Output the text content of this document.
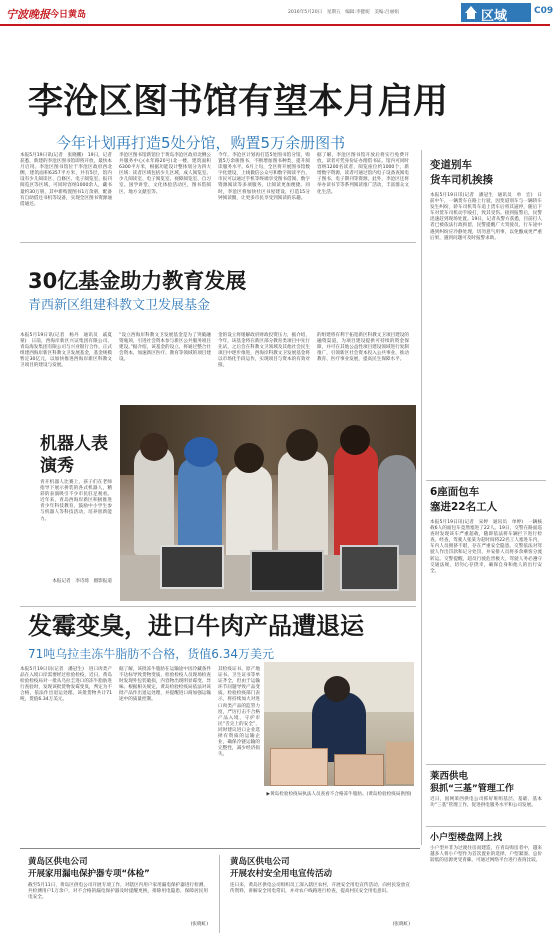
宁波晚报 今日黄岛	2016年5月20日　星期五　编辑:李健妮　美编:吕丽娟	区域	C09
李沧区图书馆有望本月启用
今年计划再打造5处分馆，购置5万余册图书
本报5月19日讯(记者　张晓鹏)　19日，记者获悉，新建的李沧区图书馆即将开放，最快本月启用。李沧区图书馆位于李沧区政府西北侧，建筑面积6357平方米，共有5层，馆内设有少儿阅读区、自修区、电子阅览室、报刊阅览区等区域，可同时容纳1000余人，藏书量约30万册，其中新购置图书1万余册，配备有自助借还书机等设备，实现全区图书资源通借通还。
李沧区图书馆新馆位于黄岛李沧区政府北侧公共服务中心(永年路20号)北一楼，建筑面积6300平方米，根据功能设计整体划分为四大区域：读者区域包括少儿区域、成人阅览室、少儿阅读室、电子阅览室、视障阅览室、自习室、国学讲堂、文化体验活动区，图书借阅区、地方文献室等。
今年，李沧区计划再打造5处图书馆分馆，购置5万余册图书，不断增加图书种类，提升阅读服务水平。6月上旬，全区将开展图书馆数字化建设，上线微信公众号和数字阅读平台，市民可以通过手机等终端享受图书借阅、数字资源阅读等多项服务，让阅读更加便捷。同时，李沧区将加快社区书屋建设，打造15分钟阅读圈，让更多市民享受到阅读的乐趣。
据了解，李沧区图书馆开放后将实行免费开放，读者可凭身份证办理借书证。馆内可同时容纳1200名读者，阅览座位约1000个，新增数字资源，读者可通过馆内电子设备查阅电子图书、电子期刊等资源，此外，李沧区还将举办读书节等系列阅读推广活动，丰富群众文化生活。
30亿基金助力教育发展
青西新区组建科教文卫发展基金
本报5月19日讯(记者　杨丹　通讯员　戚夏蒙)　日前，西海岸新区兴证集团有限公司、青岛海发集团有限公司与兴业银行合作，正式组建西海岸新区科教文卫发展基金，基金规模暂定30亿元，以加快推进西海岸新区科教文卫项目的建设与发展。
“设立西海岸科教文卫发展基金是为了突破融资瓶颈，引进社会资本参与新区公共服务项目建设。”据介绍，该基金的设立，将通过整合社会资本，加速新区医疗、教育等领域的项目建设。
金的设立将缓解政府财政投资压力，据介绍，今年，该基金将在新区部分教育类项目中先行先试，之后会在科教文卫领域及其他社会民生项目中逐步推进，西海岸科教文卫发展基金将以市场化手段运作，实现项目与资本的有效对接。
的组建将有利于拓宽新区科教文卫项目建设的融资渠道，为项目建设提供可持续的资金保障，并可在其他公益性项目建设领域进行复制推广，引领新区社会资本投入公共事业，推动教育、医疗事业发展，提高民生保障水平。
机器人表演秀
青开机器人比赛上，孩子们在老师指导下展示拼装的各式机器人，精彩的表演吸引不少市民驻足观看。近年来，青岛西海岸新区积极推进青少年科技教育，鼓励中小学生参与机器人等科技活动，培养创新能力。
本报记者　李诗琦　摄影报道
发霉变臭，进口牛肉产品遭退运
71吨乌拉圭冻牛脂肪不合格，货值6.34万美元
本报5月19日讯(记者　潘冠生)　进口肉类产品在入境口岸需要经过检验检疫，近日，黄岛检验检疫局对一批从乌拉圭进口的冻牛脂肪进行查验时，发现该批货物发霉变臭，判定为不合格，依法作出退运处理。该批货物共计71吨，货值6.34万美元。
据了解，该批冻牛脂肪在运输途中因冷藏条件不达标导致货物变质，检验检疫人员现场检查时发现外包装破损，内容物出现明显霉变、异味。根据相关规定，黄岛检验检疫局依法对该批产品作出退运处理，并提醒进口商加强运输途中的质量控制。
其检疫证书、原产地证书、卫生证书等单证齐全，但由于运输环节问题导致产品变质。检验检疫部门表示，将持续加大对进口肉类产品的监管力度，严厉打击不合格产品入境，守护市民“舌尖上的安全”，同时建议进口企业选择有资质的运输企业，确保冷链运输的完整性，减少经济损失。
▶黄岛检验检疫局执法人员查看不合格冻牛脂肪。(黄岛检验检疫局供图)
变道别车
货车司机挨揍
本报5月19日讯(记者　潘冠生　通讯员　单　宏)　日前中午，一辆货车在路上行驶，因变道别车与一辆轿车发生纠纷，轿车司机驾车追上货车后将其逼停，随后下车对货车司机动手殴打，致其受伤。接到报警后，民警迅速赶到现场处置。19日，记者从警方获悉，目前打人者已被依法行政拘留，民警提醒广大驾驶员，行车途中遇到纠纷应冷静处理，切勿意气用事，以免酿成更严重后果，遇到问题可及时报警求助。
6座面包车
塞进22名工人
本报5月19日讯(记者　宋婷　通讯员　单婷)　一辆核载6人的面包车竟然塞进了22人。19日，交警在路面巡查时发现该车严重超载，随即依法将车辆拦下进行检查。经查，驾驶人张某为赶时间将22名工人塞进车内，车内人员拥挤不堪，存在严重安全隐患。交警依法对驾驶人作出罚款和记分处罚，并安排人员将多余乘客分流转运。交警提醒，超员行驶危害极大，驾驶人务必遵守交通法规，切勿心存侥幸，确保自身和他人的出行安全。
莱西供电
狠抓“三基”管理工作
近日，国网莱西供电公司抓好班组基层、基础、基本功“三基”管理工作，促进供电服务水平和公司发展。
小户型楼盘网上找
小户型并非为过渡住房而建造，在青岛购房者中，越来越多人将小户型作为首次置业的选择，户型紧凑、总价较低的房源更受青睐，可通过网络平台进行查询比较。
黄岛区供电公司
开展家用漏电保护器专项“体检”
截至5月11日，黄岛区供电公司开展专项工作，对辖区内用户家用漏电保护器进行检测，共检测用户1万余户，对不合格的漏电保护器及时提醒更换，排除用电隐患，保障居民用电安全。
(张晓虹)
黄岛区供电公司
开展农村安全用电宣传活动
连日来，黄岛区供电公司组织员工深入辖区农村，开展安全用电宣传活动，向村民发放宣传资料，讲解安全用电常识，并对农户线路进行检查，提高村民安全用电意识。
(张晓虹)
